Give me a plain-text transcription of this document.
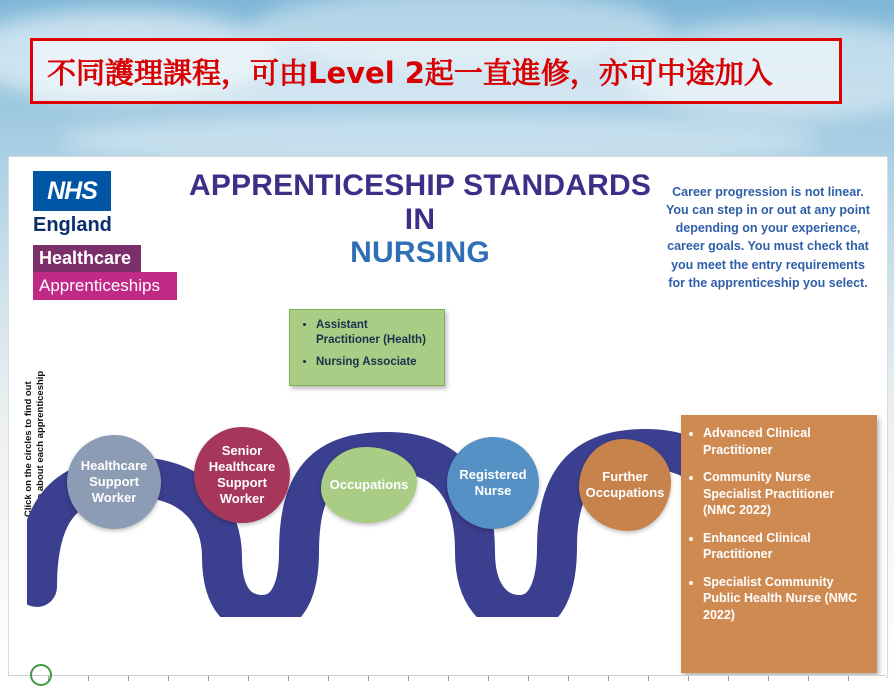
不同護理課程，可由Level 2起一直進修，亦可中途加入
NHS
England
Healthcare
Apprenticeships
APPRENTICESHIP STANDARDS IN
NURSING
Career progression is not linear. You can step in or out at any point depending on your experience, career goals. You must check that you meet the entry requirements for the apprenticeship you select.
Click on the circles to find out more about each apprenticeship	level 3	level 6
level 2	level 5
Healthcare Support Worker
Senior Healthcare Support Worker
Occupations
Registered Nurse
Further Occupations
• Assistant Practitioner (Health)
• Nursing Associate
• Advanced Clinical Practitioner
• Community Nurse Specialist Practitioner (NMC 2022)
• Enhanced Clinical Practitioner
• Specialist Community Public Health Nurse (NMC 2022)
